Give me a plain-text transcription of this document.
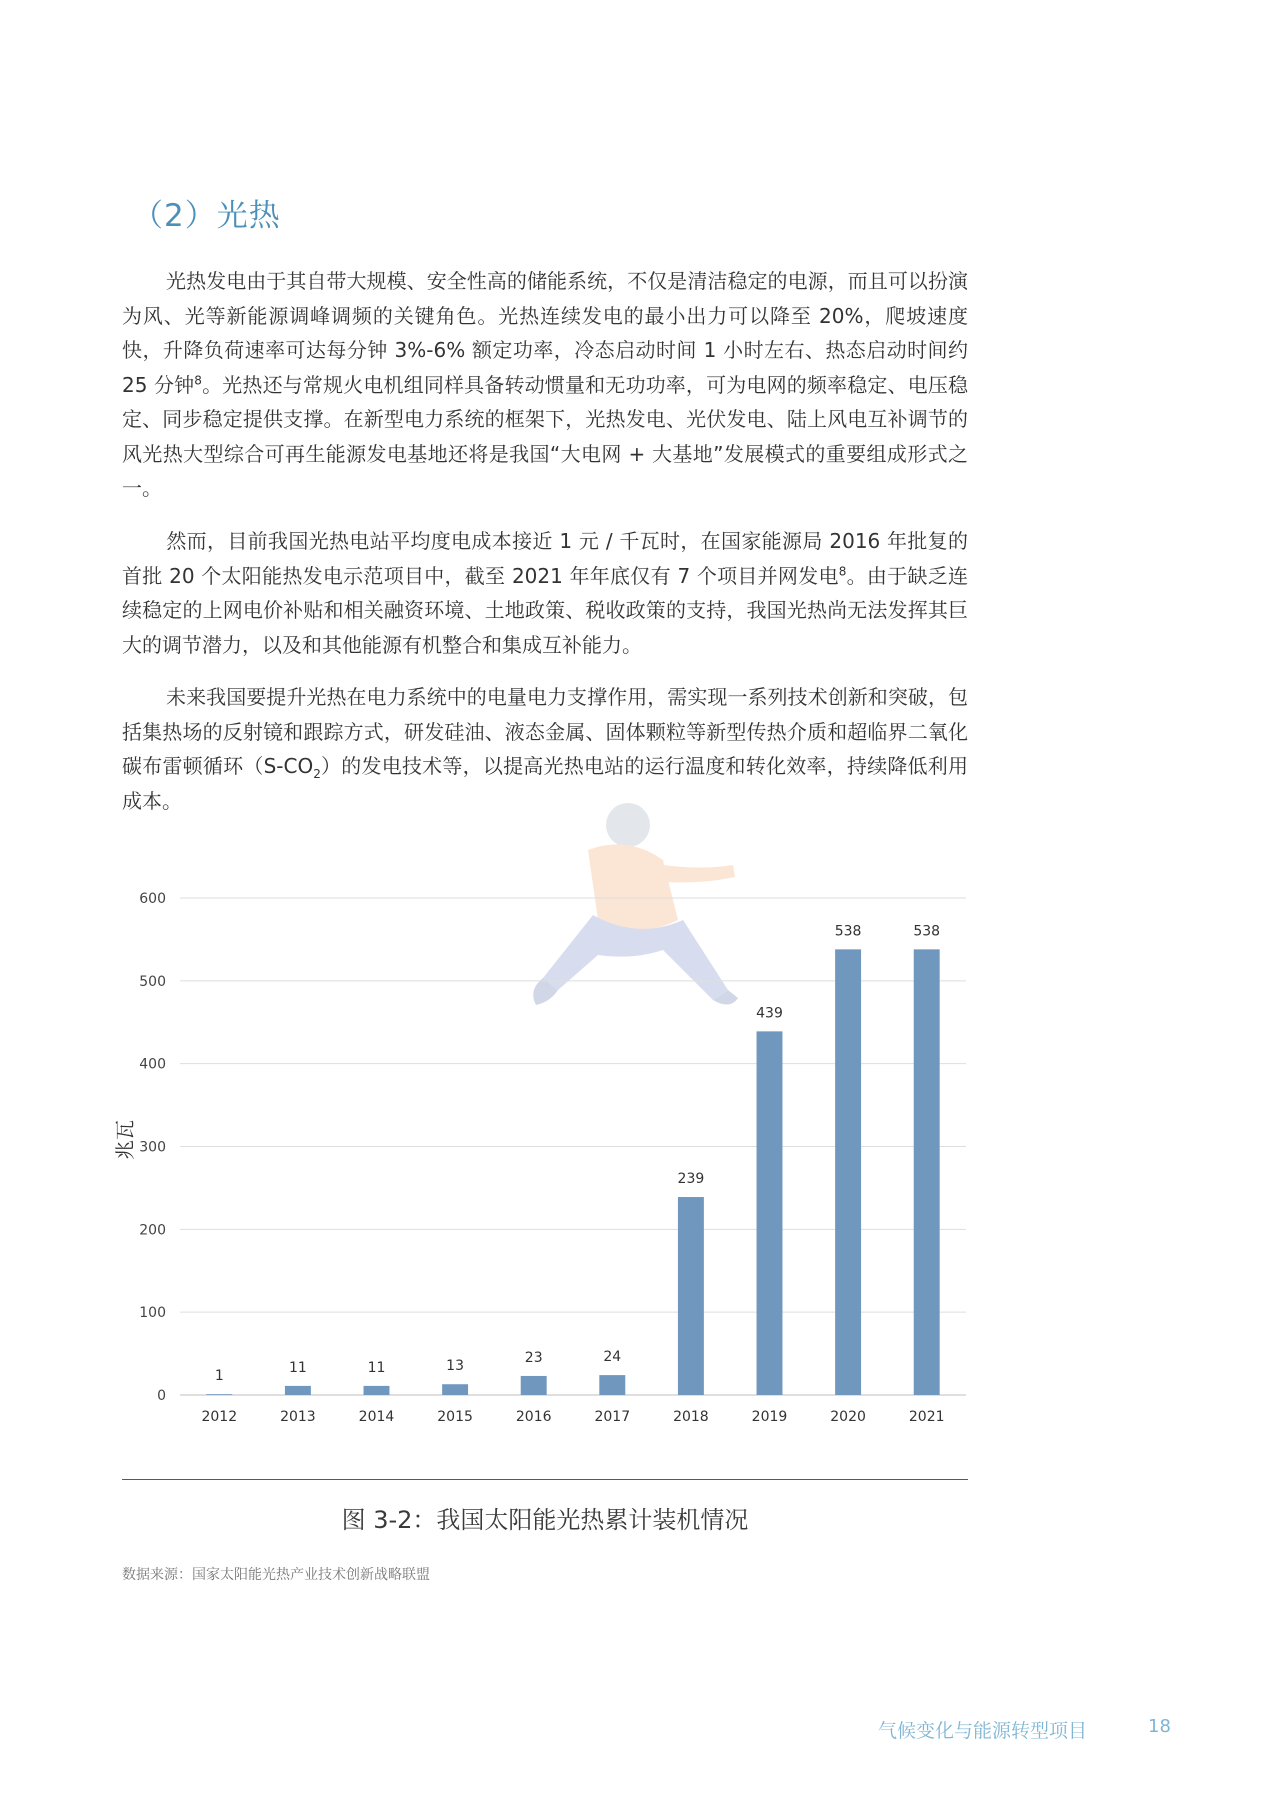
（2）光热

光热发电由于其自带大规模、安全性高的储能系统，不仅是清洁稳定的电源，而且可以扮演为风、光等新能源调峰调频的关键角色。光热连续发电的最小出力可以降至 20%，爬坡速度快，升降负荷速率可达每分钟 3%-6% 额定功率，冷态启动时间 1 小时左右、热态启动时间约 25 分钟$^8$。光热还与常规火电机组同样具备转动惯量和无功功率，可为电网的频率稳定、电压稳定、同步稳定提供支撑。在新型电力系统的框架下，光热发电、光伏发电、陆上风电互补调节的风光热大型综合可再生能源发电基地还将是我国“大电网 + 大基地”发展模式的重要组成形式之一。

然而，目前我国光热电站平均度电成本接近 1 元 / 千瓦时，在国家能源局 2016 年批复的首批 20 个太阳能热发电示范项目中，截至 2021 年年底仅有 7 个项目并网发电$^8$。由于缺乏连续稳定的上网电价补贴和相关融资环境、土地政策、税收政策的支持，我国光热尚无法发挥其巨大的调节潜力，以及和其他能源有机整合和集成互补能力。

未来我国要提升光热在电力系统中的电量电力支撑作用，需实现一系列技术创新和突破，包括集热场的反射镜和跟踪方式，研发硅油、液态金属、固体颗粒等新型传热介质和超临界二氧化碳布雷顿循环$(S-CO_2)$的发电技术等，以提高光热电站的运行温度和转化效率，持续降低利用成本。

0
100
200
300
400
500
600
1
11	11	13
23	24
239
439
538	538
2012	2013	2014	2015	2016	2017	2018	2019	2020	2021
兆瓦
图 3-2：我国太阳能光热累计装机情况
数据来源：国家太阳能光热产业技术创新战略联盟
气候变化与能源转型项目	18
